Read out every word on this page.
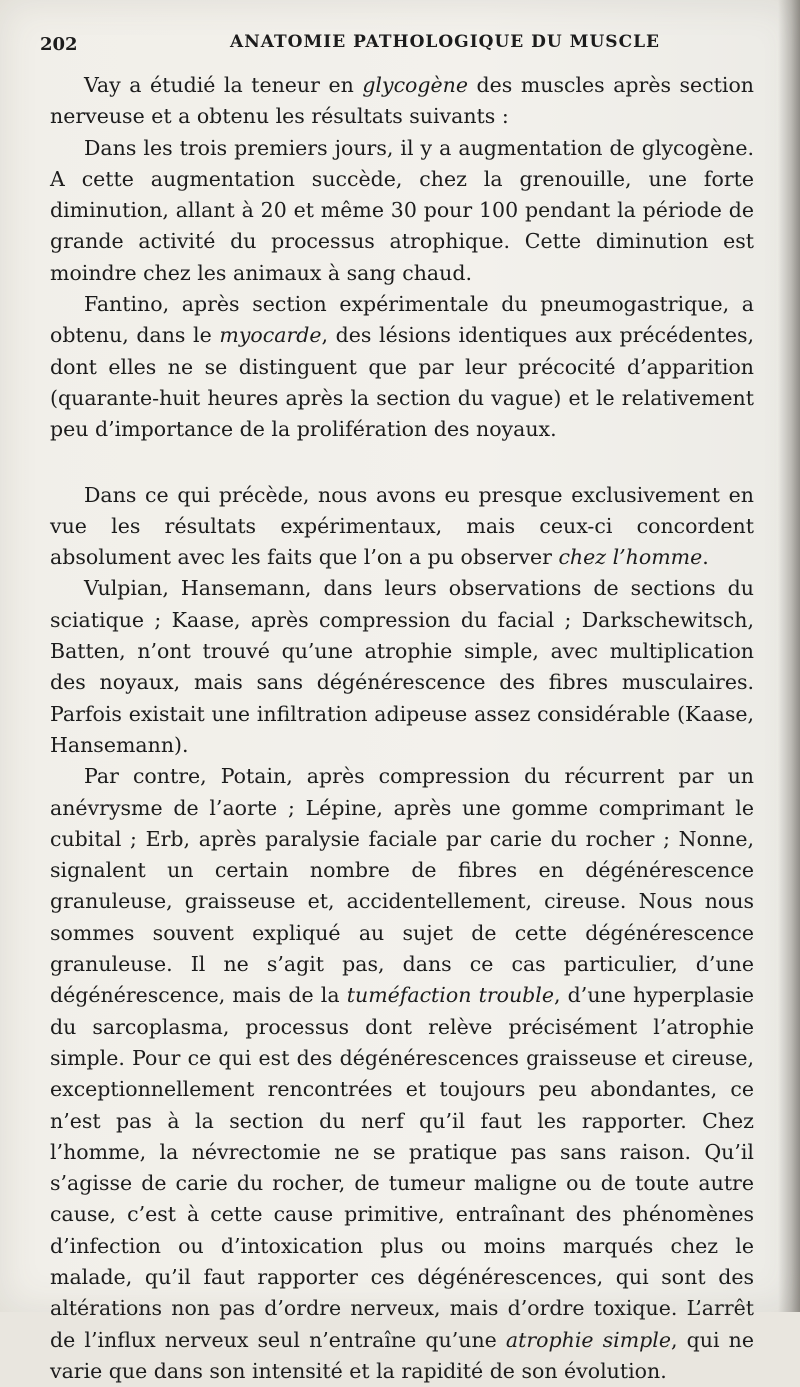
202	ANATOMIE PATHOLOGIQUE DU MUSCLE

Vay a étudié la teneur en glycogène des muscles après section nerveuse et a obtenu les résultats suivants :

Dans les trois premiers jours, il y a augmentation de glycogène. A cette augmentation succède, chez la grenouille, une forte diminution, allant à 20 et même 30 pour 100 pendant la période de grande activité du processus atrophique. Cette diminution est moindre chez les animaux à sang chaud.

Fantino, après section expérimentale du pneumogastrique, a obtenu, dans le myocarde, des lésions identiques aux précédentes, dont elles ne se distinguent que par leur précocité d’apparition (quarante-huit heures après la section du vague) et le relativement peu d’importance de la prolifération des noyaux.

Dans ce qui précède, nous avons eu presque exclusivement en vue les résultats expérimentaux, mais ceux-ci concordent absolument avec les faits que l’on a pu observer chez l’homme.

Vulpian, Hansemann, dans leurs observations de sections du sciatique ; Kaase, après compression du facial ; Darkschewitsch, Batten, n’ont trouvé qu’une atrophie simple, avec multiplication des noyaux, mais sans dégénérescence des fibres musculaires. Parfois existait une infiltration adipeuse assez considérable (Kaase, Hansemann).

Par contre, Potain, après compression du récurrent par un anévrysme de l’aorte ; Lépine, après une gomme comprimant le cubital ; Erb, après paralysie faciale par carie du rocher ; Nonne, signalent un certain nombre de fibres en dégénérescence granuleuse, graisseuse et, accidentellement, cireuse. Nous nous sommes souvent expliqué au sujet de cette dégénérescence granuleuse. Il ne s’agit pas, dans ce cas particulier, d’une dégénérescence, mais de la tuméfaction trouble, d’une hyperplasie du sarcoplasma, processus dont relève précisément l’atrophie simple. Pour ce qui est des dégénérescences graisseuse et cireuse, exceptionnellement rencontrées et toujours peu abondantes, ce n’est pas à la section du nerf qu’il faut les rapporter. Chez l’homme, la névrectomie ne se pratique pas sans raison. Qu’il s’agisse de carie du rocher, de tumeur maligne ou de toute autre cause, c’est à cette cause primitive, entraînant des phénomènes d’infection ou d’intoxication plus ou moins marqués chez le malade, qu’il faut rapporter ces dégénérescences, qui sont des altérations non pas d’ordre nerveux, mais d’ordre toxique. L’arrêt de l’influx nerveux seul n’entraîne qu’une atrophie simple, qui ne varie que dans son intensité et la rapidité de son évolution.
